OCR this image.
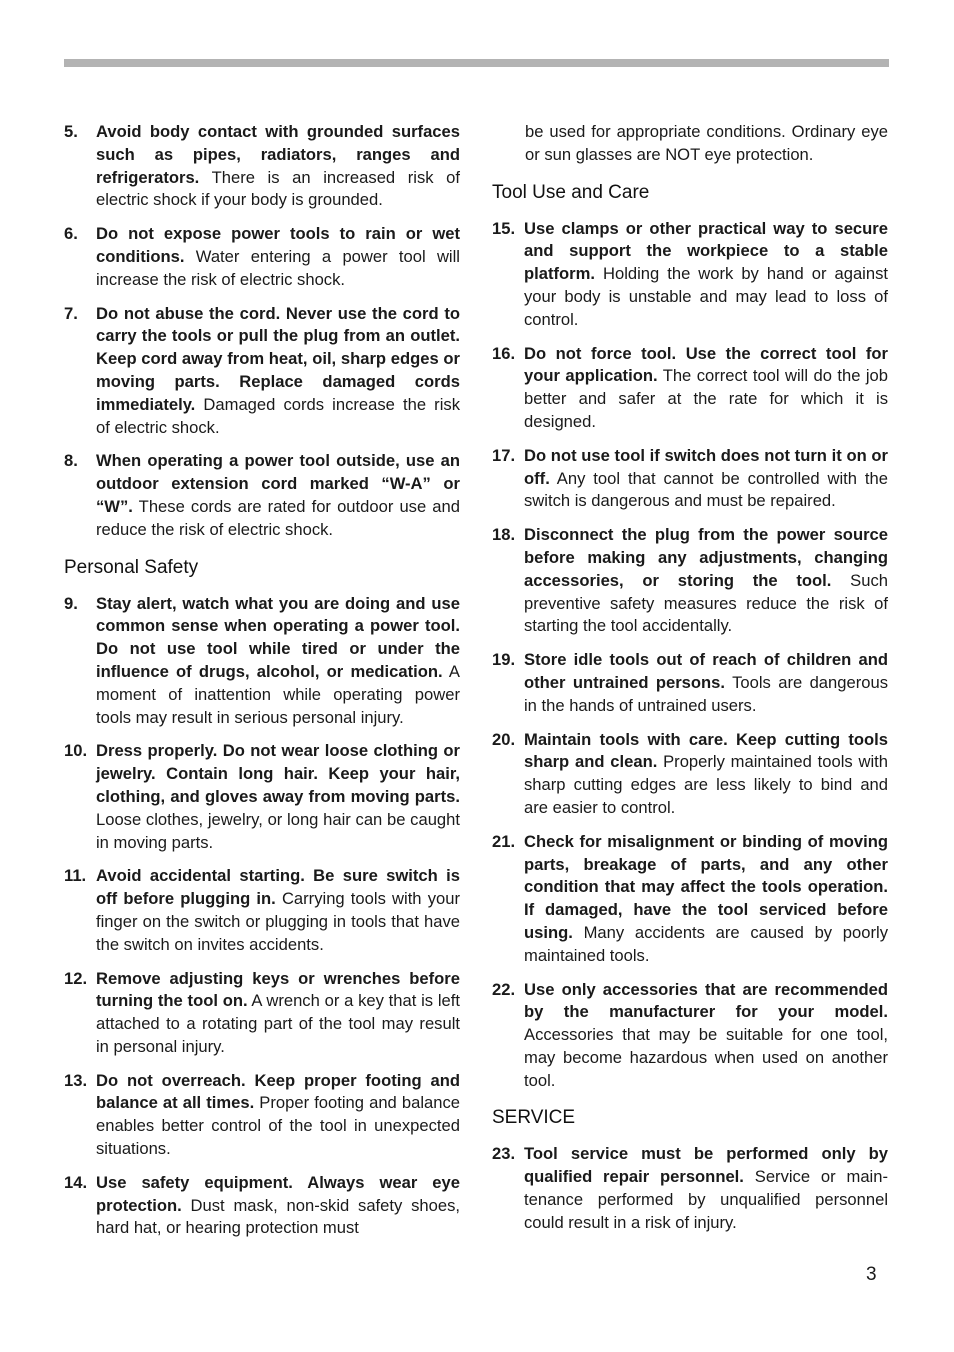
5.	Avoid body contact with grounded surfaces such as pipes, radiators, ranges and refrigerators. There is an increased risk of electric shock if your body is grounded.
6.	Do not expose power tools to rain or wet conditions. Water entering a power tool will increase the risk of electric shock.
7.	Do not abuse the cord. Never use the cord to carry the tools or pull the plug from an outlet. Keep cord away from heat, oil, sharp edges or moving parts. Replace damaged cords immediately. Damaged cords increase the risk of electric shock.
8.	When operating a power tool outside, use an outdoor extension cord marked “W-A” or “W”. These cords are rated for outdoor use and reduce the risk of electric shock.
Personal Safety
9.	Stay alert, watch what you are doing and use common sense when operating a power tool. Do not use tool while tired or under the influence of drugs, alcohol, or medication. A moment of inattention while operating power tools may result in serious personal injury.
10. Dress properly. Do not wear loose clothing or jewelry. Contain long hair. Keep your hair, clothing, and gloves away from moving parts. Loose clothes, jewelry, or long hair can be caught in moving parts.
11. Avoid accidental starting. Be sure switch is off before plugging in. Carrying tools with your finger on the switch or plugging in tools that have the switch on invites accidents.
12. Remove adjusting keys or wrenches before turning the tool on. A wrench or a key that is left attached to a rotating part of the tool may result in personal injury.
13. Do not overreach. Keep proper footing and balance at all times. Proper footing and balance enables better control of the tool in unexpected situations.
14. Use safety equipment. Always wear eye protection. Dust mask, non-skid safety shoes, hard hat, or hearing protection must
be used for appropriate conditions. Ordinary eye or sun glasses are NOT eye protection.
Tool Use and Care
15. Use clamps or other practical way to secure and support the workpiece to a stable platform. Holding the work by hand or against your body is unstable and may lead to loss of control.
16. Do not force tool. Use the correct tool for your application. The correct tool will do the job better and safer at the rate for which it is designed.
17. Do not use tool if switch does not turn it on or off. Any tool that cannot be controlled with the switch is dangerous and must be repaired.
18. Disconnect the plug from the power source before making any adjustments, changing accessories, or storing the tool. Such preventive safety measures reduce the risk of starting the tool accidentally.
19. Store idle tools out of reach of children and other untrained persons. Tools are dangerous in the hands of untrained users.
20. Maintain tools with care. Keep cutting tools sharp and clean. Properly maintained tools with sharp cutting edges are less likely to bind and are easier to control.
21. Check for misalignment or binding of moving parts, breakage of parts, and any other condition that may affect the tools operation. If damaged, have the tool serviced before using. Many accidents are caused by poorly maintained tools.
22. Use only accessories that are recommended by the manufacturer for your model. Accessories that may be suitable for one tool, may become hazardous when used on another tool.
SERVICE
23. Tool service must be performed only by qualified repair personnel. Service or maintenance performed by unqualified personnel could result in a risk of injury.
3
